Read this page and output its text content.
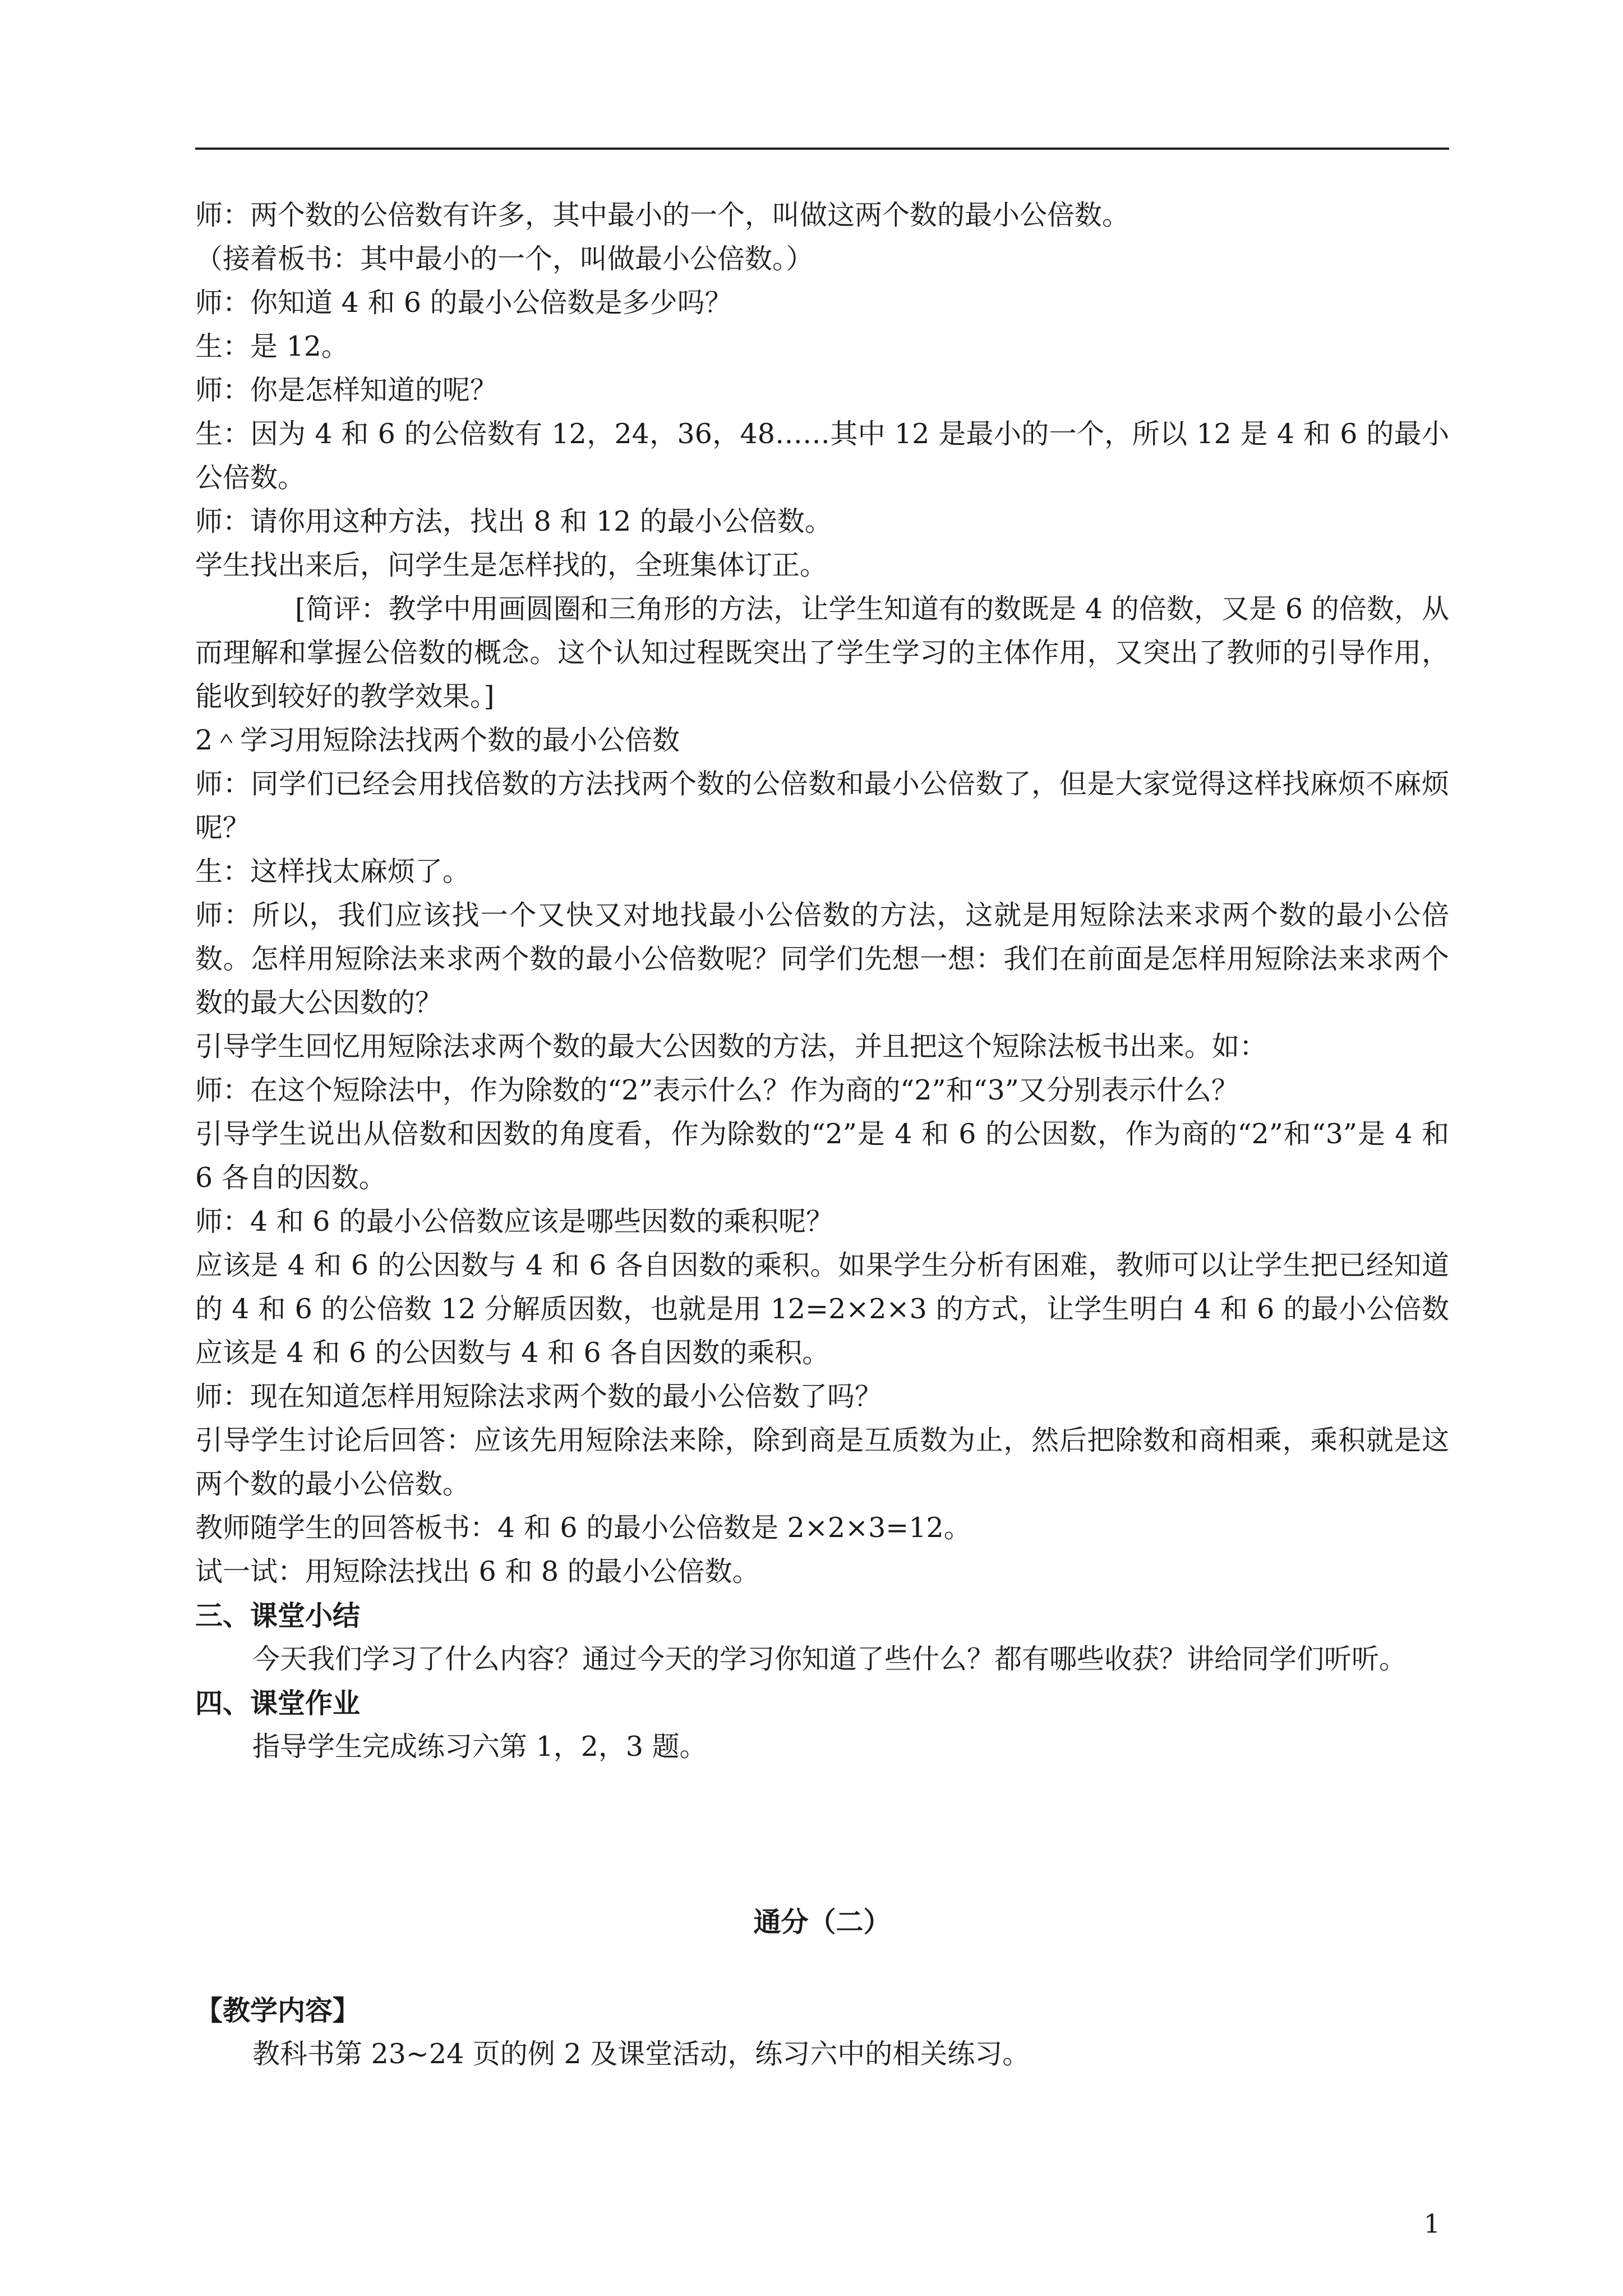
师：两个数的公倍数有许多，其中最小的一个，叫做这两个数的最小公倍数。

（接着板书：其中最小的一个，叫做最小公倍数。）

师：你知道 4 和 6 的最小公倍数是多少吗？

生：是 12。

师：你是怎样知道的呢？

生：因为 4 和 6 的公倍数有 12，24，36，48……其中 12 是最小的一个，所以 12 是 4 和 6 的最小公倍数。

师：请你用这种方法，找出 8 和 12 的最小公倍数。

学生找出来后，问学生是怎样找的，全班集体订正。

[简评：教学中用画圆圈和三角形的方法，让学生知道有的数既是 4 的倍数，又是 6 的倍数，从而理解和掌握公倍数的概念。这个认知过程既突出了学生学习的主体作用，又突出了教师的引导作用，能收到较好的教学效果。]

2＾学习用短除法找两个数的最小公倍数

师：同学们已经会用找倍数的方法找两个数的公倍数和最小公倍数了，但是大家觉得这样找麻烦不麻烦呢？

生：这样找太麻烦了。

师：所以，我们应该找一个又快又对地找最小公倍数的方法，这就是用短除法来求两个数的最小公倍数。怎样用短除法来求两个数的最小公倍数呢？同学们先想一想：我们在前面是怎样用短除法来求两个数的最大公因数的？

引导学生回忆用短除法求两个数的最大公因数的方法，并且把这个短除法板书出来。如：

师：在这个短除法中，作为除数的“2”表示什么？作为商的“2”和“3”又分别表示什么？

引导学生说出从倍数和因数的角度看，作为除数的“2”是 4 和 6 的公因数，作为商的“2”和“3”是 4 和 6 各自的因数。

师：4 和 6 的最小公倍数应该是哪些因数的乘积呢？

应该是 4 和 6 的公因数与 4 和 6 各自因数的乘积。如果学生分析有困难，教师可以让学生把已经知道的 4 和 6 的公倍数 12 分解质因数，也就是用 12=2×2×3 的方式，让学生明白 4 和 6 的最小公倍数应该是 4 和 6 的公因数与 4 和 6 各自因数的乘积。

师：现在知道怎样用短除法求两个数的最小公倍数了吗？

引导学生讨论后回答：应该先用短除法来除，除到商是互质数为止，然后把除数和商相乘，乘积就是这两个数的最小公倍数。

教师随学生的回答板书：4 和 6 的最小公倍数是 2×2×3=12。

试一试：用短除法找出 6 和 8 的最小公倍数。

三、课堂小结

今天我们学习了什么内容？通过今天的学习你知道了些什么？都有哪些收获？讲给同学们听听。

四、课堂作业

指导学生完成练习六第 1，2，3 题。

通分（二）

【教学内容】

教科书第 23~24 页的例 2 及课堂活动，练习六中的相关练习。

1
